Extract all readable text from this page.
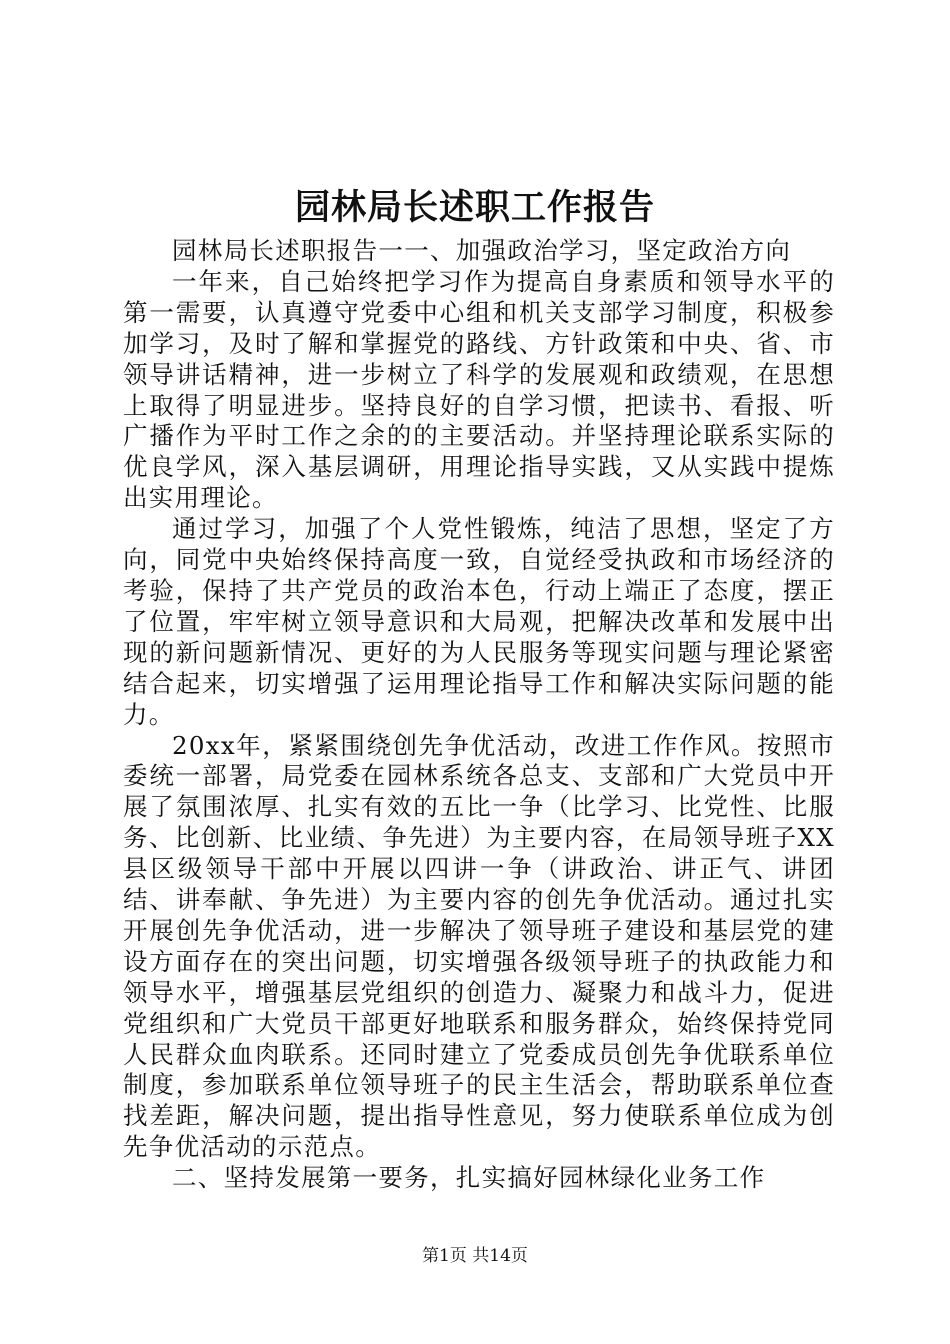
园林局长述职工作报告

园林局长述职报告一一、加强政治学习，坚定政治方向

一年来，自己始终把学习作为提高自身素质和领导水平的第一需要，认真遵守党委中心组和机关支部学习制度，积极参加学习，及时了解和掌握党的路线、方针政策和中央、省、市领导讲话精神，进一步树立了科学的发展观和政绩观，在思想上取得了明显进步。坚持良好的自学习惯，把读书、看报、听广播作为平时工作之余的的主要活动。并坚持理论联系实际的优良学风，深入基层调研，用理论指导实践，又从实践中提炼出实用理论。

通过学习，加强了个人党性锻炼，纯洁了思想，坚定了方向，同党中央始终保持高度一致，自觉经受执政和市场经济的考验，保持了共产党员的政治本色，行动上端正了态度，摆正了位置，牢牢树立领导意识和大局观，把解决改革和发展中出现的新问题新情况、更好的为人民服务等现实问题与理论紧密结合起来，切实增强了运用理论指导工作和解决实际问题的能力。

20xx年，紧紧围绕创先争优活动，改进工作作风。按照市委统一部署，局党委在园林系统各总支、支部和广大党员中开展了氛围浓厚、扎实有效的五比一争（比学习、比党性、比服务、比创新、比业绩、争先进）为主要内容，在局领导班子XX县区级领导干部中开展以四讲一争（讲政治、讲正气、讲团结、讲奉献、争先进）为主要内容的创先争优活动。通过扎实开展创先争优活动，进一步解决了领导班子建设和基层党的建设方面存在的突出问题，切实增强各级领导班子的执政能力和领导水平，增强基层党组织的创造力、凝聚力和战斗力，促进党组织和广大党员干部更好地联系和服务群众，始终保持党同人民群众血肉联系。还同时建立了党委成员创先争优联系单位制度，参加联系单位领导班子的民主生活会，帮助联系单位查找差距，解决问题，提出指导性意见，努力使联系单位成为创先争优活动的示范点。

二、坚持发展第一要务，扎实搞好园林绿化业务工作

第1页 共14页
